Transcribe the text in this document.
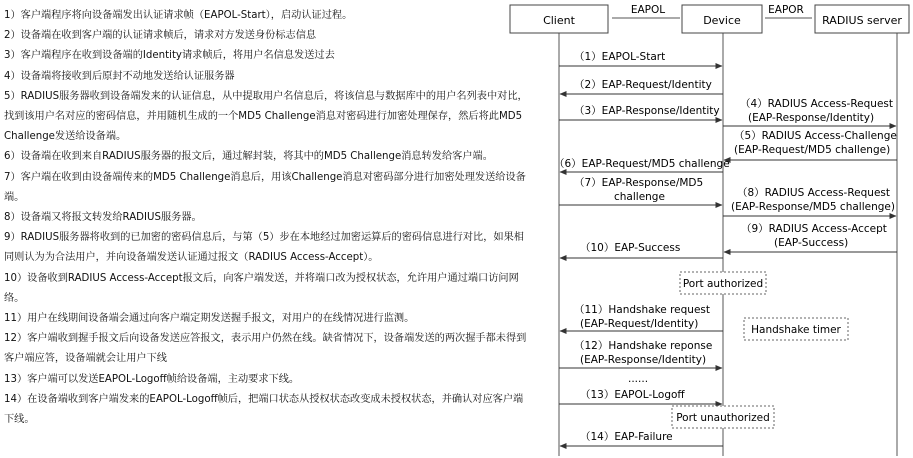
1）客户端程序将向设备端发出认证请求帧（EAPOL-Start），启动认证过程。

2）设备端在收到客户端的认证请求帧后，请求对方发送身份标志信息

3）客户端程序在收到设备端的Identity请求帧后，将用户名信息发送过去

4）设备端将接收到后原封不动地发送给认证服务器

5）RADIUS服务器收到设备端发来的认证信息，从中提取用户名信息后，将该信息与数据库中的用户名列表中对比，找到该用户名对应的密码信息，并用随机生成的一个MD5 Challenge消息对密码进行加密处理保存，然后将此MD5 Challenge发送给设备端。

6）设备端在收到来自RADIUS服务器的报文后，通过解封装，将其中的MD5 Challenge消息转发给客户端。

7）客户端在收到由设备端传来的MD5 Challenge消息后，用该Challenge消息对密码部分进行加密处理发送给设备端。

8）设备端又将报文转发给RADIUS服务器。

9）RADIUS服务器将收到的已加密的密码信息后，与第（5）步在本地经过加密运算后的密码信息进行对比，如果相同则认为为合法用户，并向设备端发送认证通过报文（RADIUS Access-Accept）。

10）设备收到RADIUS Access-Accept报文后，向客户端发送，并将端口改为授权状态，允许用户通过端口访问网络。

11）用户在线期间设备端会通过向客户端定期发送握手报文，对用户的在线情况进行监测。

12）客户端收到握手报文后向设备发送应答报文，表示用户仍然在线。缺省情况下，设备端发送的两次握手都未得到客户端应答，设备端就会让用户下线

13）客户端可以发送EAPOL-Logoff帧给设备端，主动要求下线。

14）在设备端收到客户端发来的EAPOL-Logoff帧后，把端口状态从授权状态改变成未授权状态，并确认对应客户端下线。

Client	Device	RADIUS server
EAPOL	EAPOR
（1）EAPOL-Start
（2）EAP-Request/Identity
（3）EAP-Response/Identity
（4）RADIUS Access-Request
(EAP-Response/Identity)
（5）RADIUS Access-Challenge
(EAP-Request/MD5 challenge)
（6）EAP-Request/MD5 challenge
（7）EAP-Response/MD5
challenge	（8）RADIUS Access-Request
(EAP-Response/MD5 challenge)
（9）RADIUS Access-Accept
(EAP-Success)
（10）EAP-Success
Port authorized
（11）Handshake request
(EAP-Request/Identity)	Handshake timer
（12）Handshake reponse
(EAP-Response/Identity)
......
（13）EAPOL-Logoff
Port unauthorized
（14）EAP-Failure
